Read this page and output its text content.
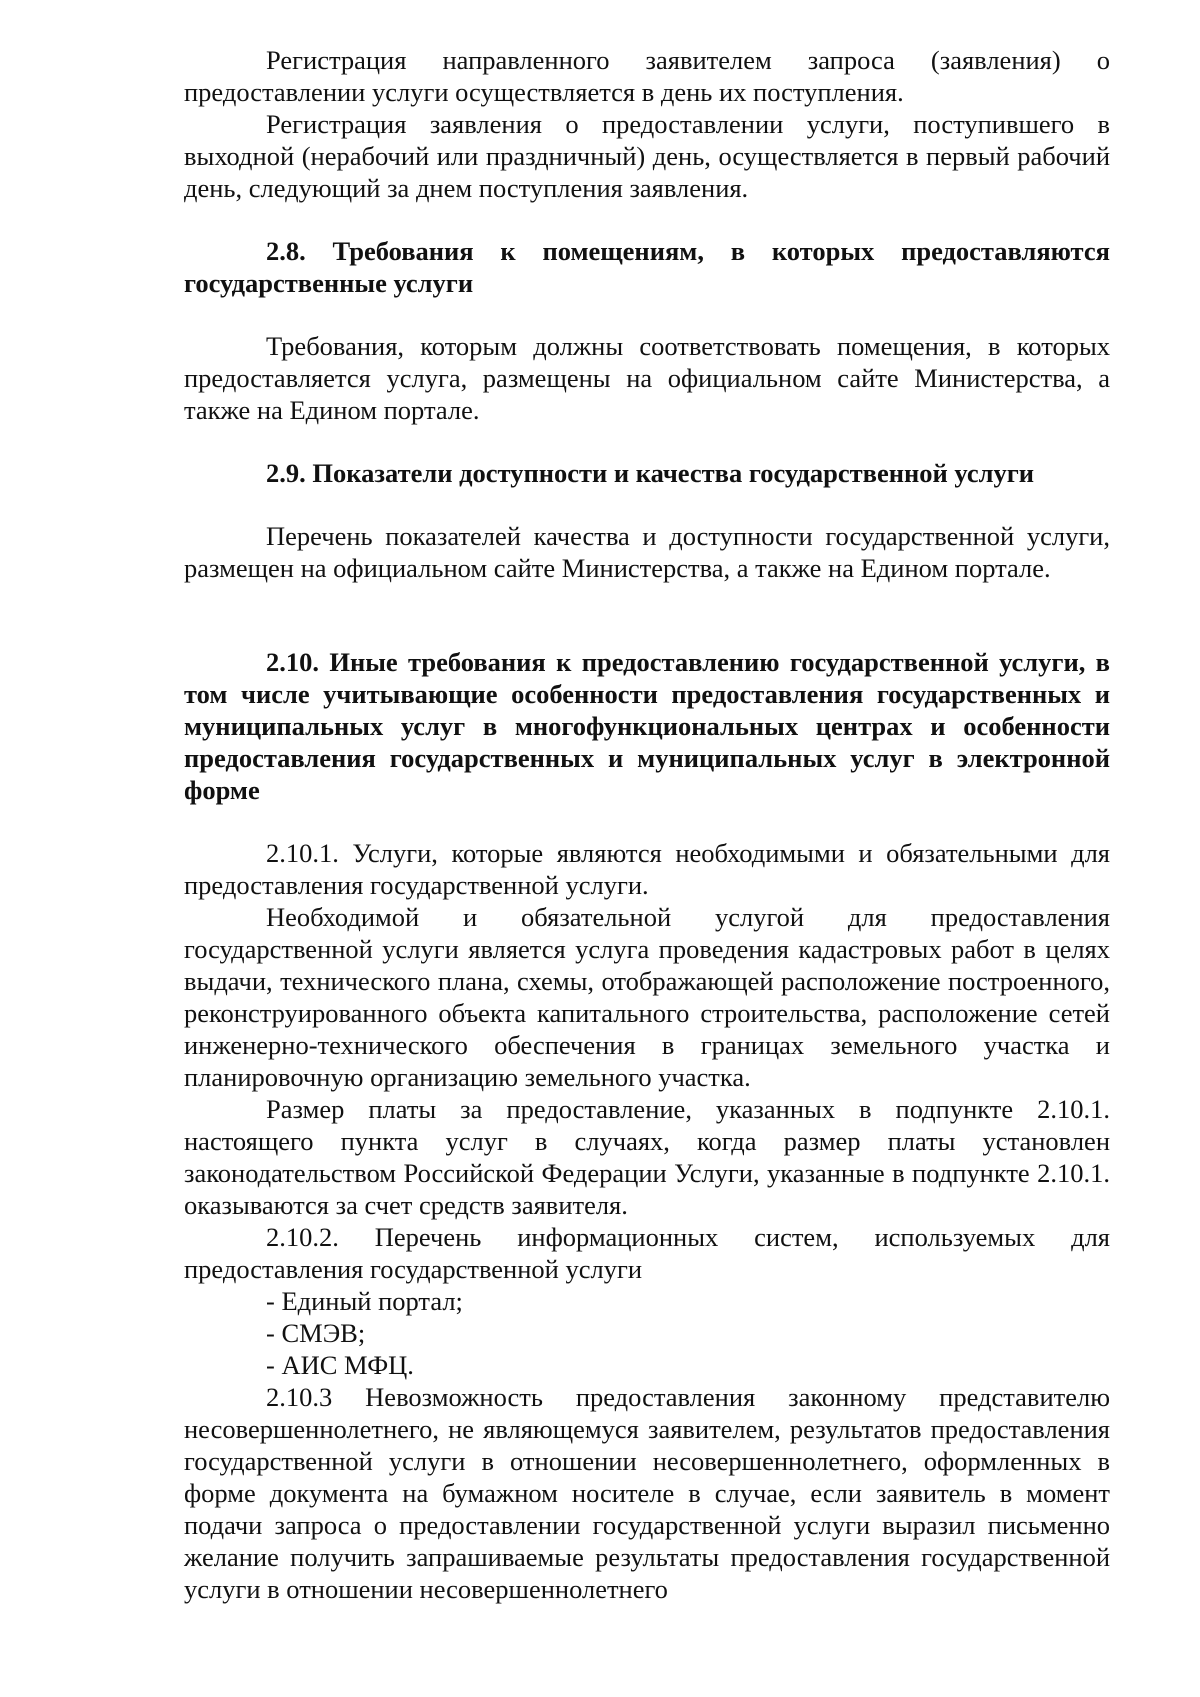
Регистрация направленного заявителем запроса (заявления) о предоставлении услуги осуществляется в день их поступления.

Регистрация заявления о предоставлении услуги, поступившего в выходной (нерабочий или праздничный) день, осуществляется в первый рабочий день, следующий за днем поступления заявления.

2.8. Требования к помещениям, в которых предоставляются государственные услуги

Требования, которым должны соответствовать помещения, в которых предоставляется услуга, размещены на официальном сайте Министерства, а также на Едином портале.

2.9. Показатели доступности и качества государственной услуги

Перечень показателей качества и доступности государственной услуги, размещен на официальном сайте Министерства, а также на Едином портале.

2.10. Иные требования к предоставлению государственной услуги, в том числе учитывающие особенности предоставления государственных и муниципальных услуг в многофункциональных центрах и особенности предоставления государственных и муниципальных услуг в электронной форме

2.10.1. Услуги, которые являются необходимыми и обязательными для предоставления государственной услуги.

Необходимой и обязательной услугой для предоставления государственной услуги является услуга проведения кадастровых работ в целях выдачи, технического плана, схемы, отображающей расположение построенного, реконструированного объекта капитального строительства, расположение сетей инженерно-технического обеспечения в границах земельного участка и планировочную организацию земельного участка.

Размер платы за предоставление, указанных в подпункте 2.10.1. настоящего пункта услуг в случаях, когда размер платы установлен законодательством Российской Федерации Услуги, указанные в подпункте 2.10.1. оказываются за счет средств заявителя.

2.10.2. Перечень информационных систем, используемых для предоставления государственной услуги

- Единый портал;

- СМЭВ;

- АИС МФЦ.

2.10.3 Невозможность предоставления законному представителю несовершеннолетнего, не являющемуся заявителем, результатов предоставления государственной услуги в отношении несовершеннолетнего, оформленных в форме документа на бумажном носителе в случае, если заявитель в момент подачи запроса о предоставлении государственной услуги выразил письменно желание получить запрашиваемые результаты предоставления государственной услуги в отношении несовершеннолетнего
